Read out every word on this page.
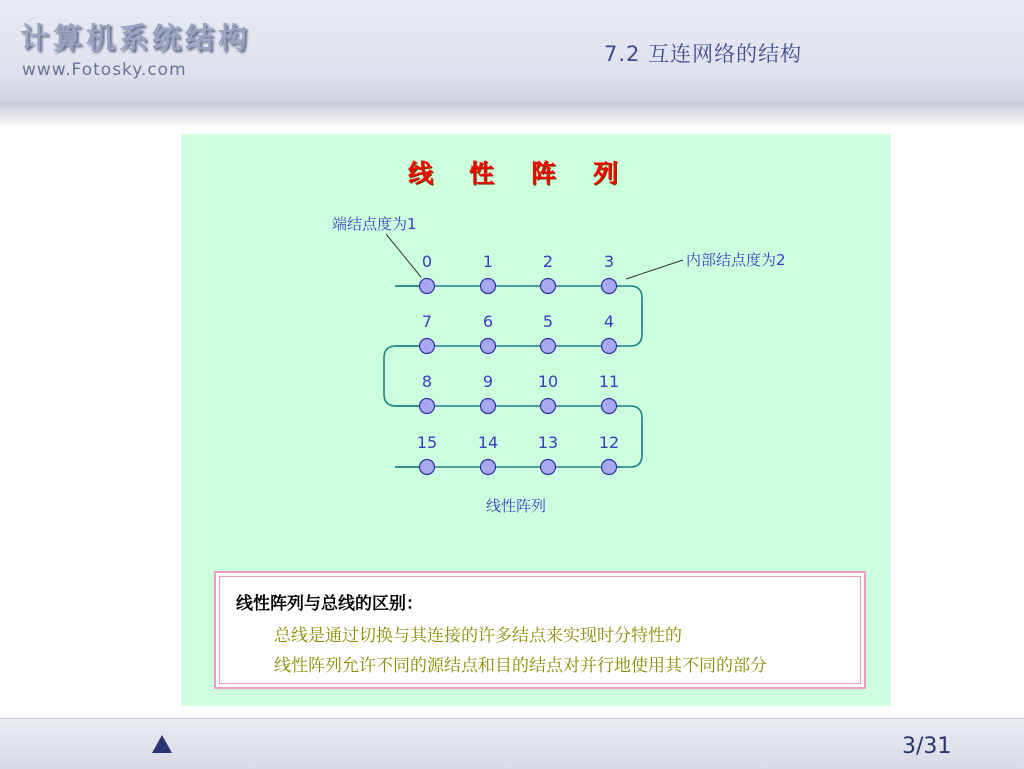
计算机系统结构
www.Fotosky.com
7.2 互连网络的结构
线 性 阵 列
0	1	2	3
7	6	5	4
8	9	10	11
15	14 13	12
端结点度为1
内部结点度为2
线性阵列
线性阵列与总线的区别：
总线是通过切换与其连接的许多结点来实现时分特性的
线性阵列允许不同的源结点和目的结点对并行地使用其不同的部分
3/31
